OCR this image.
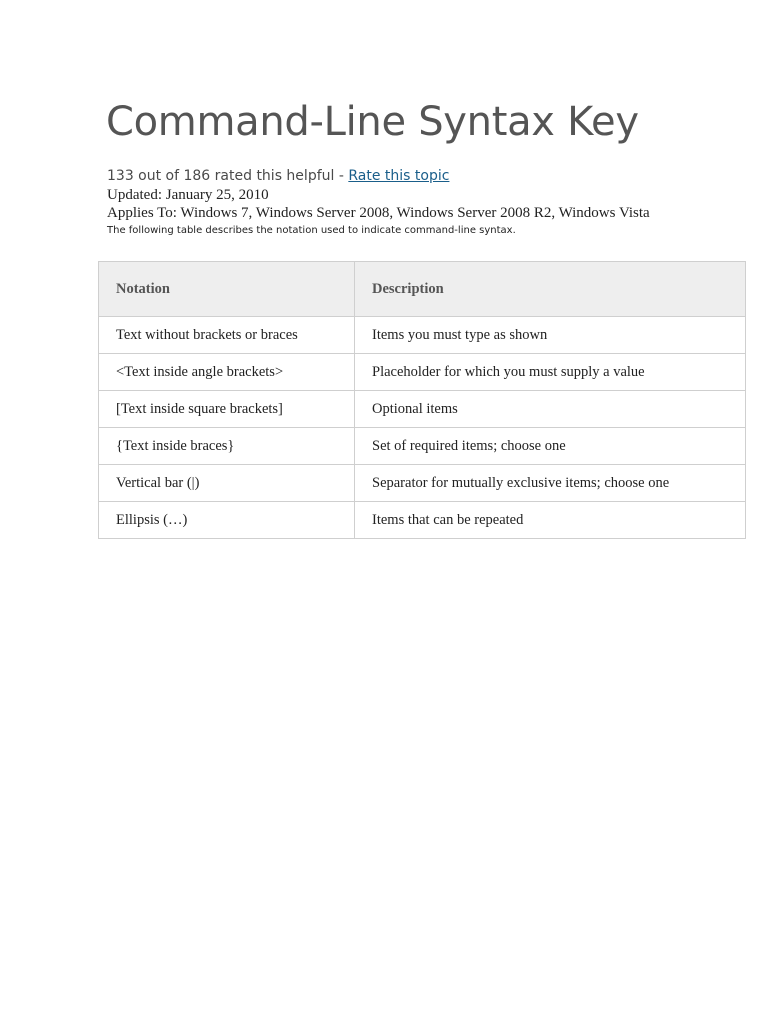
Command-Line Syntax Key
133 out of 186 rated this helpful - Rate this topic
Updated: January 25, 2010
Applies To: Windows 7, Windows Server 2008, Windows Server 2008 R2, Windows Vista
The following table describes the notation used to indicate command-line syntax.
Notation	Description
Text without brackets or braces	Items you must type as shown
<Text inside angle brackets>	Placeholder for which you must supply a value
[Text inside square brackets]	Optional items
{Text inside braces}	Set of required items; choose one
Vertical bar (|)	Separator for mutually exclusive items; choose one
Ellipsis (…)	Items that can be repeated
